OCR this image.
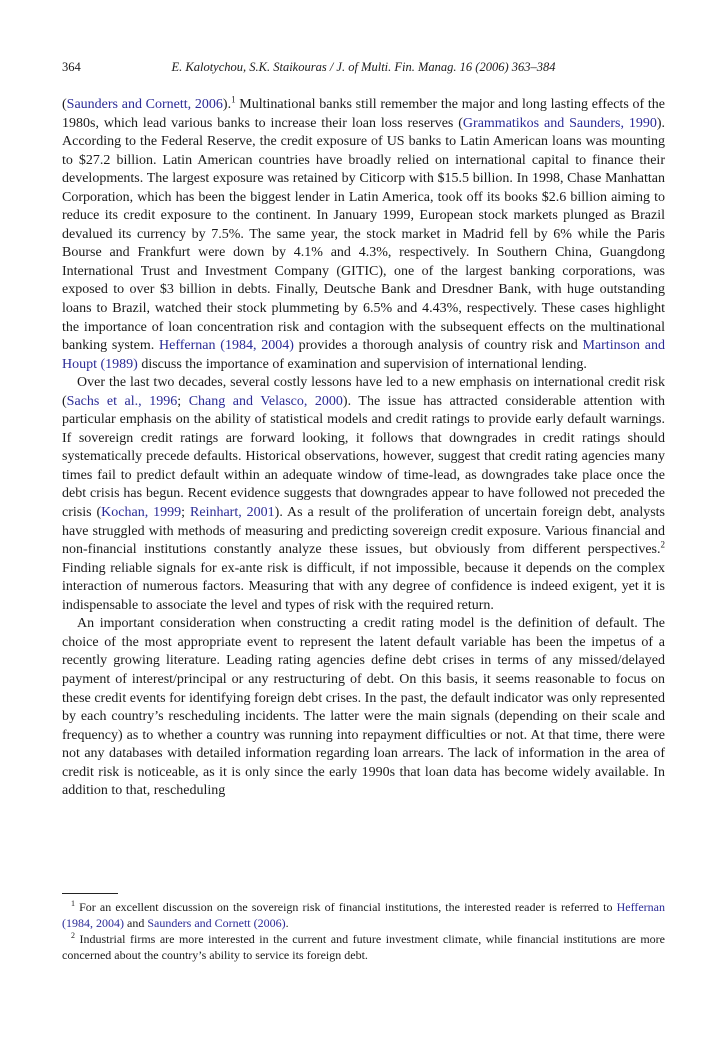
364	E. Kalotychou, S.K. Staikouras / J. of Multi. Fin. Manag. 16 (2006) 363–384

(Saunders and Cornett, 2006).$^1$ Multinational banks still remember the major and long lasting effects of the 1980s, which lead various banks to increase their loan loss reserves (Grammatikos and Saunders, 1990). According to the Federal Reserve, the credit exposure of US banks to Latin American loans was mounting to $27.2 billion. Latin American countries have broadly relied on international capital to finance their developments. The largest exposure was retained by Citicorp with $15.5 billion. In 1998, Chase Manhattan Corporation, which has been the biggest lender in Latin America, took off its books $2.6 billion aiming to reduce its credit exposure to the continent. In January 1999, European stock markets plunged as Brazil devalued its currency by 7.5%. The same year, the stock market in Madrid fell by 6% while the Paris Bourse and Frankfurt were down by 4.1% and 4.3%, respectively. In Southern China, Guangdong International Trust and Investment Company (GITIC), one of the largest banking corporations, was exposed to over $3 billion in debts. Finally, Deutsche Bank and Dresdner Bank, with huge outstanding loans to Brazil, watched their stock plummeting by 6.5% and 4.43%, respectively. These cases highlight the importance of loan concentration risk and contagion with the subsequent effects on the multinational banking system. Heffernan (1984, 2004) provides a thorough analysis of country risk and Martinson and Houpt (1989) discuss the importance of examination and supervision of international lending.

Over the last two decades, several costly lessons have led to a new emphasis on international credit risk (Sachs et al., 1996; Chang and Velasco, 2000). The issue has attracted considerable attention with particular emphasis on the ability of statistical models and credit ratings to provide early default warnings. If sovereign credit ratings are forward looking, it follows that downgrades in credit ratings should systematically precede defaults. Historical observations, however, suggest that credit rating agencies many times fail to predict default within an adequate window of time-lead, as downgrades take place once the debt crisis has begun. Recent evidence suggests that downgrades appear to have followed not preceded the crisis (Kochan, 1999; Reinhart, 2001). As a result of the proliferation of uncertain foreign debt, analysts have struggled with methods of measuring and predicting sovereign credit exposure. Various financial and non-financial institutions constantly analyze these issues, but obviously from different perspectives.$^2$ Finding reliable signals for ex-ante risk is difficult, if not impossible, because it depends on the complex interaction of numerous factors. Measuring that with any degree of confidence is indeed exigent, yet it is indispensable to associate the level and types of risk with the required return.

An important consideration when constructing a credit rating model is the definition of default. The choice of the most appropriate event to represent the latent default variable has been the impetus of a recently growing literature. Leading rating agencies define debt crises in terms of any missed/delayed payment of interest/principal or any restructuring of debt. On this basis, it seems reasonable to focus on these credit events for identifying foreign debt crises. In the past, the default indicator was only represented by each country’s rescheduling incidents. The latter were the main signals (depending on their scale and frequency) as to whether a country was running into repayment difficulties or not. At that time, there were not any databases with detailed information regarding loan arrears. The lack of information in the area of credit risk is noticeable, as it is only since the early 1990s that loan data has become widely available. In addition to that, rescheduling

$^1$ For an excellent discussion on the sovereign risk of financial institutions, the interested reader is referred to Heffernan (1984, 2004) and Saunders and Cornett (2006).

$^2$ Industrial firms are more interested in the current and future investment climate, while financial institutions are more concerned about the country’s ability to service its foreign debt.
